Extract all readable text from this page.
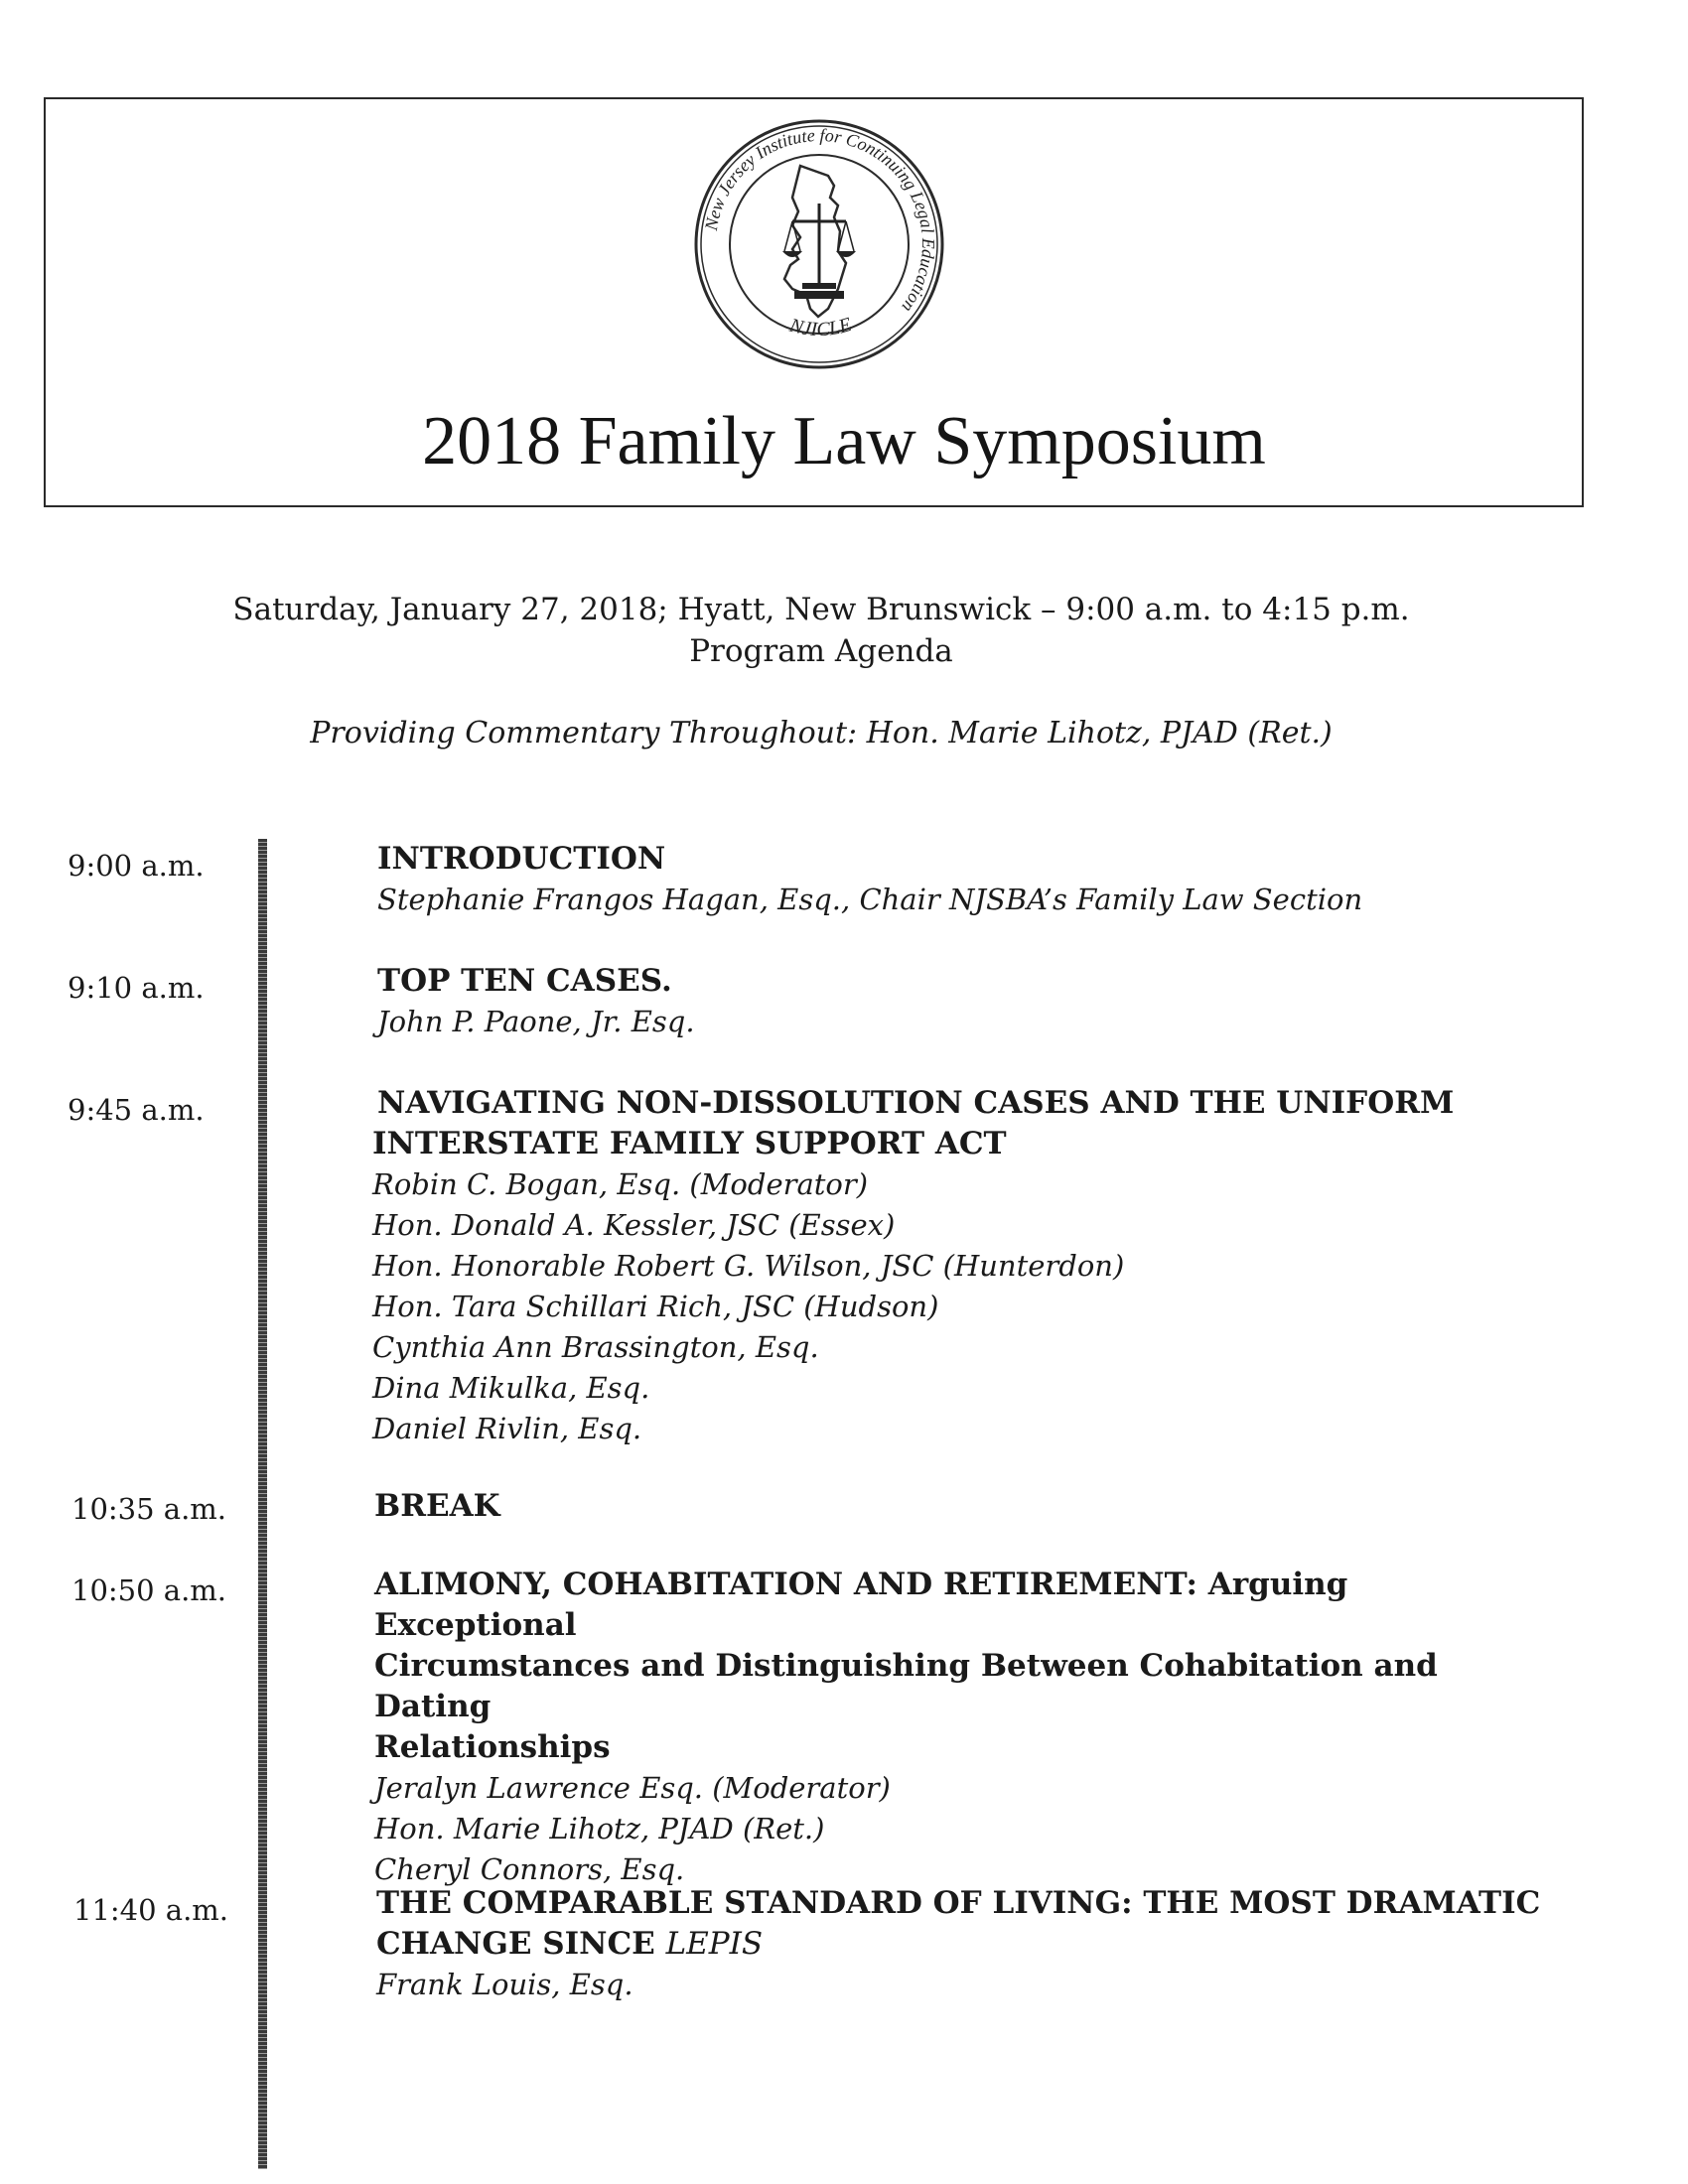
New Jersey Institute for Continuing Legal Education
NJICLE
2018 Family Law Symposium

Saturday, January 27, 2018; Hyatt, New Brunswick – 9:00 a.m. to 4:15 p.m.

Program Agenda

Providing Commentary Throughout: Hon. Marie Lihotz, PJAD (Ret.)

9:00 a.m.	INTRODUCTION

Stephanie Frangos Hagan, Esq., Chair NJSBA’s Family Law Section

9:10 a.m.	TOP TEN CASES.

John P. Paone, Jr. Esq.

9:45 a.m.	NAVIGATING NON-DISSOLUTION CASES AND THE UNIFORM

INTERSTATE FAMILY SUPPORT ACT

Robin C. Bogan, Esq. (Moderator)

Hon. Donald A. Kessler, JSC (Essex)

Hon. Honorable Robert G. Wilson, JSC (Hunterdon)

Hon. Tara Schillari Rich, JSC (Hudson)

Cynthia Ann Brassington, Esq.

Dina Mikulka, Esq.

Daniel Rivlin, Esq.

10:35 a.m.	BREAK

10:50 a.m.	ALIMONY, COHABITATION AND RETIREMENT: Arguing Exceptional

Circumstances and Distinguishing Between Cohabitation and Dating

Relationships

Jeralyn Lawrence Esq. (Moderator)

Hon. Marie Lihotz, PJAD (Ret.)

Cheryl Connors, Esq.

11:40 a.m.	THE COMPARABLE STANDARD OF LIVING: THE MOST DRAMATIC

CHANGE SINCE LEPIS

Frank Louis, Esq.
